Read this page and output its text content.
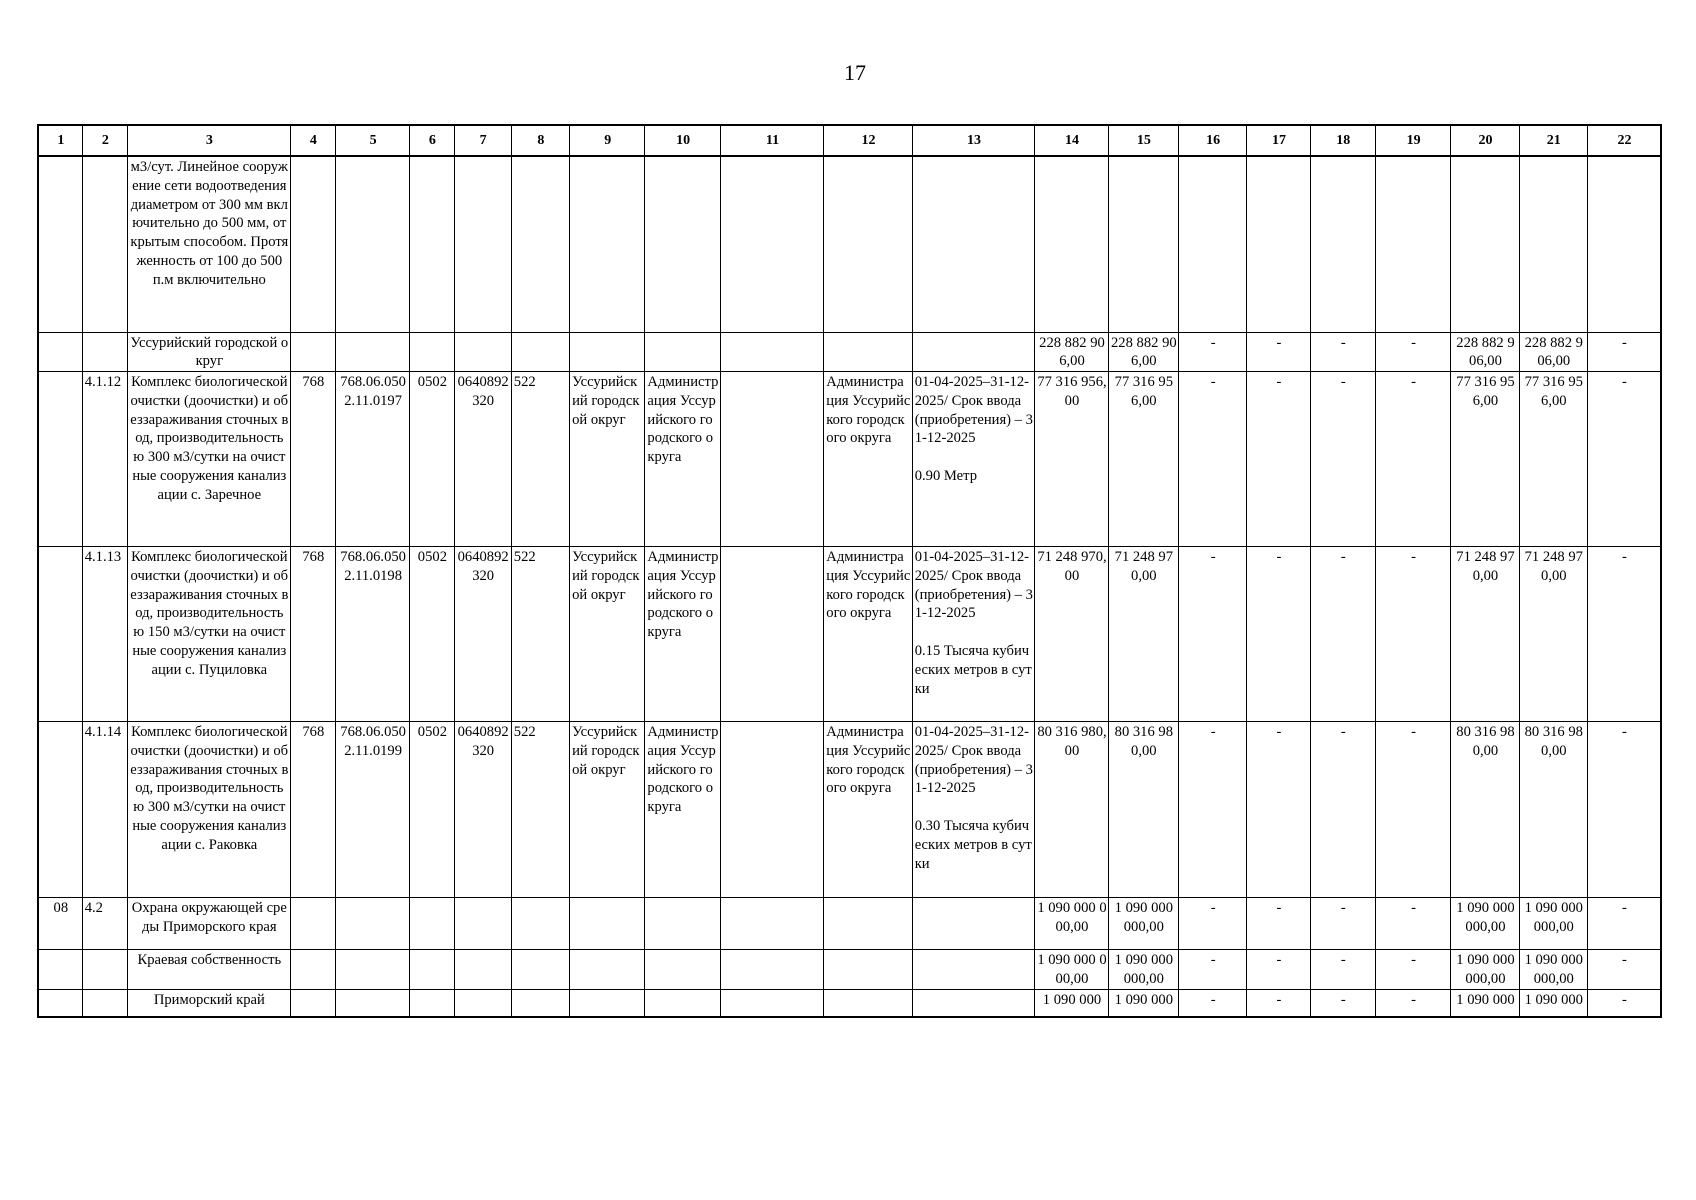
17
1	2	3	4	5	6	7	8	9	10	11	12	13	14	15	16	17	18	19	20	21	22
		м3/сут. Линейное сооружение сети водоотведения диаметром от 300 мм включительно до 500 мм, открытым способом. Протяженность от 100 до 500 п.м включительно																			
		Уссурийский городской округ											228 882 906,00	228 882 906,00	-	-	-	-	228 882 906,00	228 882 906,00	-
	4.1.12	Комплекс биологической очистки (доочистки) и обеззараживания сточных вод, производительностью 300 м3/сутки на очистные сооружения канализации с. Заречное	768	768.06.0502.11.0197	0502	0640892320	522	Уссурийский городской округ	Администрация Уссурийского городского округа		Администрация Уссурийского городского округа	01-04-2025–31-12-2025/ Срок ввода (приобретения) – 31-12-2025

0.90 Метр	77 316 956,00	77 316 956,00	-	-	-	-	77 316 956,00	77 316 956,00	-
	4.1.13	Комплекс биологической очистки (доочистки) и обеззараживания сточных вод, производительностью 150 м3/сутки на очистные сооружения канализации с. Пуциловка	768	768.06.0502.11.0198	0502	0640892320	522	Уссурийский городской округ	Администрация Уссурийского городского округа		Администрация Уссурийского городского округа	01-04-2025–31-12-2025/ Срок ввода (приобретения) – 31-12-2025

0.15 Тысяча кубических метров в сутки	71 248 970,00	71 248 970,00	-	-	-	-	71 248 970,00	71 248 970,00	-
	4.1.14	Комплекс биологической очистки (доочистки) и обеззараживания сточных вод, производительностью 300 м3/сутки на очистные сооружения канализации с. Раковка	768	768.06.0502.11.0199	0502	0640892320	522	Уссурийский городской округ	Администрация Уссурийского городского округа		Администрация Уссурийского городского округа	01-04-2025–31-12-2025/ Срок ввода (приобретения) – 31-12-2025

0.30 Тысяча кубических метров в сутки	80 316 980,00	80 316 980,00	-	-	-	-	80 316 980,00	80 316 980,00	-
08	4.2	Охрана окружающей среды Приморского края											1 090 000 000,00	1 090 000 000,00	-	-	-	-	1 090 000 000,00	1 090 000 000,00	-
		Краевая собственность											1 090 000 000,00	1 090 000 000,00	-	-	-	-	1 090 000 000,00	1 090 000 000,00	-
		Приморский край											1 090 000	1 090 000	-	-	-	-	1 090 000	1 090 000	-
